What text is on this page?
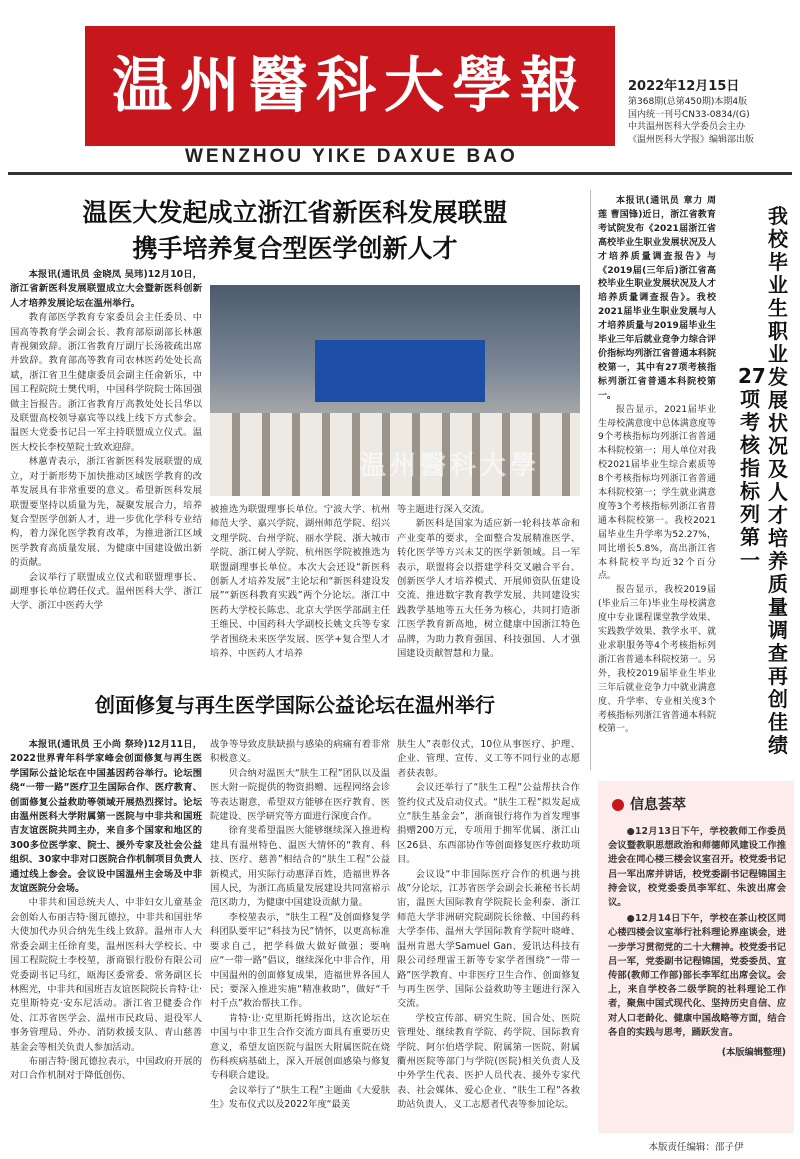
温州醫科大學報
WENZHOU YIKE DAXUE BAO
2022年12月15日
第368期(总第450期)本期4版
国内统一刊号CN33-0834/(G)
中共温州医科大学委员会主办
《温州医科大学报》编辑部出版
温医大发起成立浙江省新医科发展联盟
携手培养复合型医学创新人才

本报讯(通讯员 金晓凤 吴玮)12月10日，浙江省新医科发展联盟成立大会暨新医科创新人才培养发展论坛在温州举行。

教育部医学教育专家委员会主任委员、中国高等教育学会副会长、教育部原副部长林蕙青视频致辞。浙江省教育厅副厅长汤筱疏出席并致辞。教育部高等教育司农林医药处处长高斌，浙江省卫生健康委员会副主任俞新乐，中国工程院院士樊代明，中国科学院院士陈国强做主旨报告。浙江省教育厅高教处处长吕华以及联盟高校领导嘉宾等以线上线下方式参会。温医大党委书记吕一军主持联盟成立仪式。温医大校长李校堃院士致欢迎辞。

林蕙青表示，浙江省新医科发展联盟的成立，对于新形势下加快推动区域医学教育的改革发展具有非常重要的意义。希望新医科发展联盟要坚持以质量为先，凝聚发展合力，培养复合型医学创新人才，进一步优化学科专业结构，着力深化医学教育改革，为推进浙江区域医学教育高质量发展、为健康中国建设做出新的贡献。

会议举行了联盟成立仪式和联盟理事长、副理事长单位聘任仪式。温州医科大学、浙江大学、浙江中医药大学

温州醫科大學

被推选为联盟理事长单位。宁波大学、杭州师范大学、嘉兴学院、湖州师范学院、绍兴文理学院、台州学院、丽水学院、浙大城市学院、浙江树人学院、杭州医学院被推选为联盟副理事长单位。本次大会还设“新医科创新人才培养发展”主论坛和“新医科建设发展”“新医科教育实践”两个分论坛。浙江中医药大学校长陈忠、北京大学医学部副主任王维民、中国药科大学副校长姚文兵等专家学者围绕未来医学发展、医学+复合型人才培养、中医药人才培养

等主题进行深入交流。

新医科是国家为适应新一轮科技革命和产业变革的要求，全面整合发展精准医学、转化医学等方兴未艾的医学新领域。吕一军表示，联盟将会以搭建学科交叉融合平台、创新医学人才培养模式、开展师资队伍建设交流、推进数字教育教学发展、共同建设实践教学基地等五大任务为核心，共同打造浙江医学教育新高地，树立健康中国浙江特色品牌，为助力教育强国、科技强国、人才强国建设贡献智慧和力量。

创面修复与再生医学国际公益论坛在温州举行

本报讯(通讯员 王小尚 祭玲)12月11日，2022世界青年科学家峰会创面修复与再生医学国际公益论坛在中国基因药谷举行。论坛围绕“一带一路”医疗卫生国际合作、医疗教育、创面修复公益救助等领域开展热烈探讨。论坛由温州医科大学附属第一医院与中非共和国班吉友谊医院共同主办，来自多个国家和地区的300多位医学家、院士、援外专家及社会公益组织、30家中非对口医院合作机制项目负责人通过线上参会。会议设中国温州主会场及中非友谊医院分会场。

中非共和国总统夫人、中非妇女儿童基金会创始人布丽吉特·图瓦德拉，中非共和国驻华大使加代办贝合纳先生线上致辞。温州市人大常委会副主任徐育斐，温州医科大学校长、中国工程院院士李校堃，浙商银行股份有限公司党委副书记马红，瓯海区委常委、常务副区长林熙光，中非共和国班吉友谊医院院长肯特·让·克里斯特克·安东尼活动。浙江省卫健委合作处、江苏省医学会、温州市民政局、退役军人事务管理局、外办、消防救援支队、青山慈善基金会等相关负责人参加活动。

布丽吉特·图瓦德拉表示，中国政府开展的对口合作机制对于降低创伤、

战争等导致皮肤缺损与感染的病痛有着非常积极意义。

贝合纳对温医大“肤生工程”团队以及温医大附一院提供的物资捐赠、远程网络会诊等表达谢意，希望双方能够在医疗教育、医院建设、医学研究等方面进行深度合作。

徐育斐希望温医大能够继续深入推进构建具有温州特色、温医大情怀的“教育、科技、医疗、慈善”相结合的“肤生工程”公益新模式，用实际行动惠泽百姓，造福世界各国人民，为浙江高质量发展建设共同富裕示范区助力，为健康中国建设贡献力量。

李校堃表示，“肤生工程”及创面修复学科团队要牢记“科技为民”情怀，以更高标准要求自己，把学科做大做好做强；要响应“一带一路”倡议，继续深化中非合作，用中国温州的创面修复成果，造福世界各国人民；要深入推进实施“精准救助”，做好“千村千点”救治帮扶工作。

肯特·让·克里斯托姆指出，这次论坛在中国与中非卫生合作交流方面具有重要历史意义，希望友谊医院与温医大附属医院在烧伤科疾病基础上，深入开展创面感染与修复专科联合建设。

会议举行了“肤生工程”主题曲《大爱肤生》发布仪式以及2022年度“最美

肤生人”表彰仪式，10位从事医疗、护理、企业、管理、宣传、义工等不同行业的志愿者获表彰。

会议还举行了“肤生工程”公益帮扶合作签约仪式及启动仪式。“肤生工程”拟发起成立“肤生基金会”，浙商银行将作为首发理事捐赠200万元，专项用于拥军优属、浙江山区26县、东西部协作等创面修复医疗救助项目。

会议设“中非国际医疗合作的机遇与挑战”分论坛，江苏省医学会副会长兼秘书长胡宙，温医大国际教育学院院长金利泰、浙江师范大学非洲研究院副院长徐薇、中国药科大学李伟、温州大学国际教育学院叶晓峰、温州肯恩大学Samuel Gan、爱讯达科技有限公司经理雷王新等专家学者围绕“一带一路”医学教育、中非医疗卫生合作、创面修复与再生医学、国际公益救助等主题进行深入交流。

学校宣传部、研究生院、国合处、医院管理处、继续教育学院、药学院、国际教育学院、阿尔伯塔学院、附属第一医院、附属衢州医院等部门与学院(医院)相关负责人及中外学生代表、医护人员代表、援外专家代表、社会媒体、爱心企业、“肤生工程”各救助站负责人、义工志愿者代表等参加论坛。

本报讯(通讯员 章力 周莲 曹国锋)近日，浙江省教育考试院发布《2021届浙江省高校毕业生职业发展状况及人才培养质量调查报告》与《2019届(三年后)浙江省高校毕业生职业发展状况及人才培养质量调查报告》。我校2021届毕业生职业发展与人才培养质量与2019届毕业生毕业三年后就业竞争力综合评价指标均列浙江省普通本科院校第一，其中有27项考核指标列浙江省普通本科院校第一。

报告显示，2021届毕业生母校满意度中总体满意度等9个考核指标均列浙江省普通本科院校第一；用人单位对我校2021届毕业生综合素质等8个考核指标均列浙江省普通本科院校第一；学生就业满意度等3个考核指标列浙江省普通本科院校第一。我校2021届毕业生升学率为52.27%，同比增长5.8%，高出浙江省本科院校平均近32个百分点。

报告显示，我校2019届(毕业后三年)毕业生母校满意度中专业课程课堂教学效果、实践教学效果、教学水平、就业求职服务等4个考核指标列浙江省普通本科院校第一。另外，我校2019届毕业生毕业三年后就业竞争力中就业满意度、升学率、专业相关度3个考核指标列浙江省普通本科院校第一。

我校毕业生职业发展状况及人才培养质量调查再创佳绩
27项考核指标列第一
信息荟萃

●12月13日下午，学校教师工作委员会议暨教职思想政治和师德师风建设工作推进会在同心楼三楼会议室召开。校党委书记吕一军出席并讲话，校党委副书记程锦国主持会议，校党委委员李军红、朱波出席会议。

●12月14日下午，学校在茶山校区同心楼四楼会议室举行社科理论界座谈会，进一步学习贯彻党的二十大精神。校党委书记吕一军，党委副书记程锦国，党委委员、宣传部(教师工作部)部长李军红出席会议。会上，来自学校各二级学院的社科理论工作者，聚焦中国式现代化、坚持历史自信、应对人口老龄化、健康中国战略等方面，结合各自的实践与思考，踊跃发言。

(本版编辑整理)
本版责任编辑：邵子伊
